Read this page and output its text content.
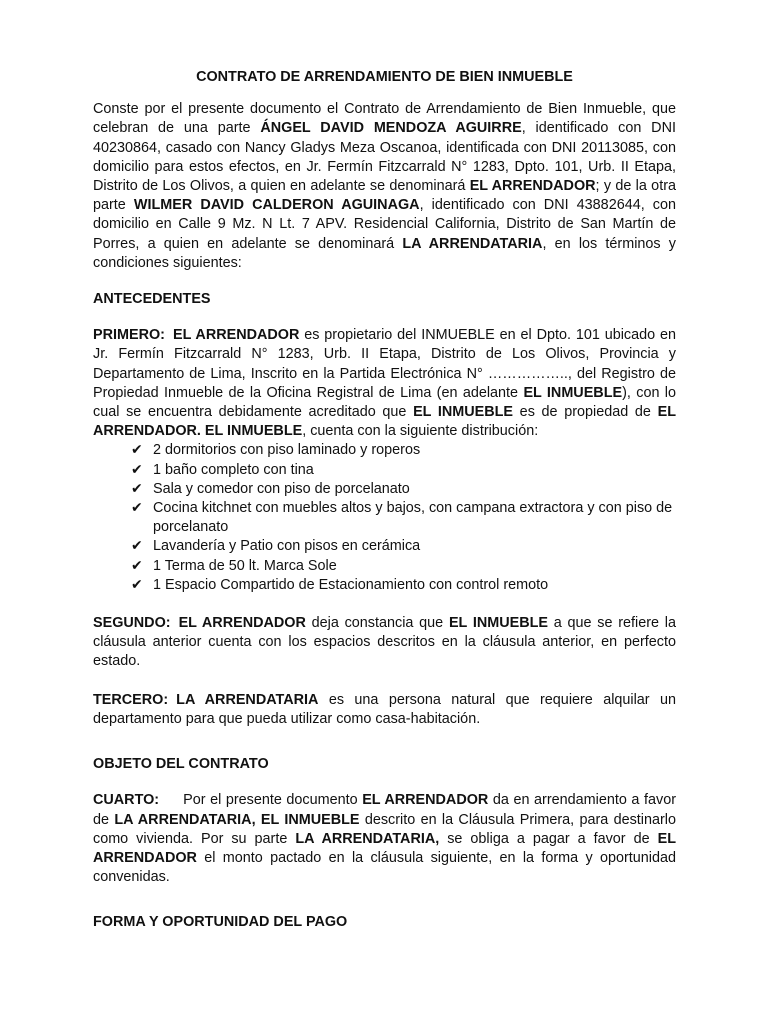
CONTRATO DE ARRENDAMIENTO DE BIEN INMUEBLE

Conste por el presente documento el Contrato de Arrendamiento de Bien Inmueble, que celebran de una parte ÁNGEL DAVID MENDOZA AGUIRRE, identificado con DNI 40230864, casado con Nancy Gladys Meza Oscanoa, identificada con DNI 20113085, con domicilio para estos efectos, en Jr. Fermín Fitzcarrald N° 1283, Dpto. 101, Urb. II Etapa, Distrito de Los Olivos, a quien en adelante se denominará EL ARRENDADOR; y de la otra parte WILMER DAVID CALDERON AGUINAGA, identificado con DNI 43882644, con domicilio en Calle 9 Mz. N Lt. 7 APV. Residencial California, Distrito de San Martín de Porres, a quien en adelante se denominará LA ARRENDATARIA, en los términos y condiciones siguientes:

ANTECEDENTES

PRIMERO: EL ARRENDADOR es propietario del INMUEBLE en el Dpto. 101 ubicado en Jr. Fermín Fitzcarrald N° 1283, Urb. II Etapa, Distrito de Los Olivos, Provincia y Departamento de Lima, Inscrito en la Partida Electrónica N° …………….., del Registro de Propiedad Inmueble de la Oficina Registral de Lima (en adelante EL INMUEBLE), con lo cual se encuentra debidamente acreditado que EL INMUEBLE es de propiedad de EL ARRENDADOR. EL INMUEBLE, cuenta con la siguiente distribución:

✔ 2 dormitorios con piso laminado y roperos
✔ 1 baño completo con tina
✔ Sala y comedor con piso de porcelanato
✔ Cocina kitchnet con muebles altos y bajos, con campana extractora y con piso de porcelanato
✔ Lavandería y Patio con pisos en cerámica
✔ 1 Terma de 50 lt. Marca Sole
✔ 1 Espacio Compartido de Estacionamiento con control remoto

SEGUNDO: EL ARRENDADOR deja constancia que EL INMUEBLE a que se refiere la cláusula anterior cuenta con los espacios descritos en la cláusula anterior, en perfecto estado.

TERCERO: LA ARRENDATARIA es una persona natural que requiere alquilar un departamento para que pueda utilizar como casa-habitación.

OBJETO DEL CONTRATO

CUARTO: Por el presente documento EL ARRENDADOR da en arrendamiento a favor de LA ARRENDATARIA, EL INMUEBLE descrito en la Cláusula Primera, para destinarlo como vivienda. Por su parte LA ARRENDATARIA, se obliga a pagar a favor de EL ARRENDADOR el monto pactado en la cláusula siguiente, en la forma y oportunidad convenidas.

FORMA Y OPORTUNIDAD DEL PAGO
